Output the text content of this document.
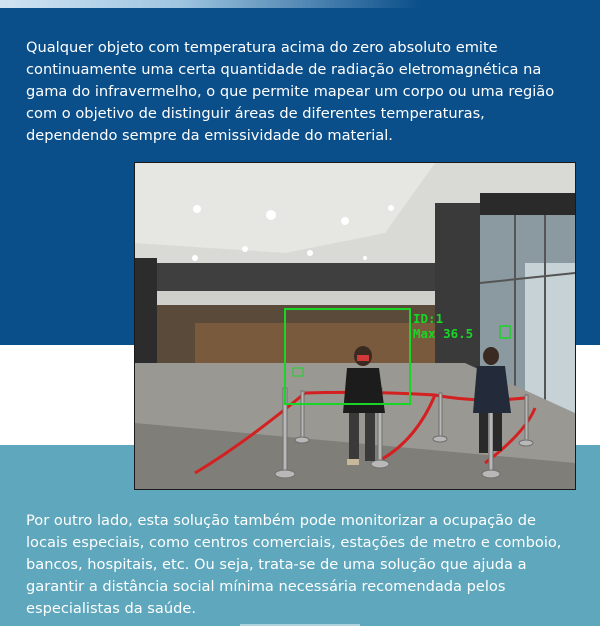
Qualquer objeto com temperatura acima do zero absoluto emite continuamente uma certa quantidade de radiação eletromagnética na gama do infravermelho, o que permite mapear um corpo ou uma região com o objetivo de distinguir áreas de diferentes temperaturas, dependendo sempre da emissividade do material.

ID:1
Max 36.5

Por outro lado, esta solução também pode monitorizar a ocupação de locais especiais, como centros comerciais, estações de metro e comboio, bancos, hospitais, etc. Ou seja, trata-se de uma solução que ajuda a garantir a distância social mínima necessária recomendada pelos especialistas da saúde.
